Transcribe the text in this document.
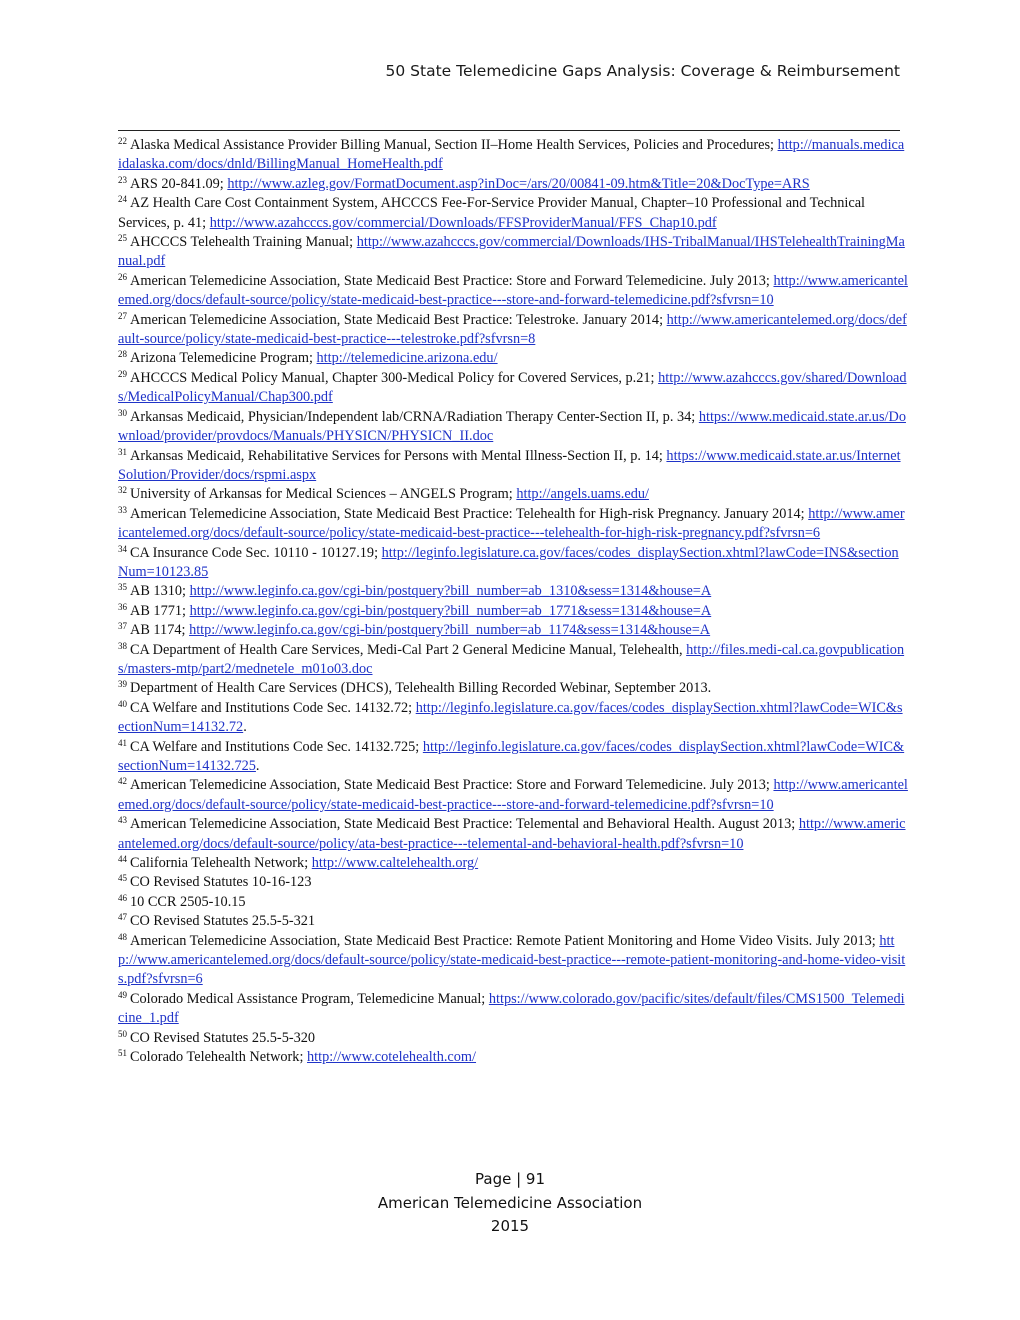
50 State Telemedicine Gaps Analysis: Coverage & Reimbursement

$^{22}$ Alaska Medical Assistance Provider Billing Manual, Section II–Home Health Services, Policies and Procedures; http://manuals.medicaidalaska.com/docs/dnld/BillingManual_HomeHealth.pdf

$^{23}$ ARS 20-841.09; http://www.azleg.gov/FormatDocument.asp?inDoc=/ars/20/00841-09.htm&Title=20&DocType=ARS

$^{24}$ AZ Health Care Cost Containment System, AHCCCS Fee-For-Service Provider Manual, Chapter–10 Professional and Technical Services, p. 41; http://www.azahcccs.gov/commercial/Downloads/FFSProviderManual/FFS_Chap10.pdf

$^{25}$ AHCCCS Telehealth Training Manual; http://www.azahcccs.gov/commercial/Downloads/IHS-TribalManual/IHSTelehealthTrainingManual.pdf

$^{26}$ American Telemedicine Association, State Medicaid Best Practice: Store and Forward Telemedicine. July 2013; http://www.americantelemed.org/docs/default-source/policy/state-medicaid-best-practice---store-and-forward-telemedicine.pdf?sfvrsn=10

$^{27}$ American Telemedicine Association, State Medicaid Best Practice: Telestroke. January 2014; http://www.americantelemed.org/docs/default-source/policy/state-medicaid-best-practice---telestroke.pdf?sfvrsn=8

$^{28}$ Arizona Telemedicine Program; http://telemedicine.arizona.edu/

$^{29}$ AHCCCS Medical Policy Manual, Chapter 300-Medical Policy for Covered Services, p.21; http://www.azahcccs.gov/shared/Downloads/MedicalPolicyManual/Chap300.pdf

$^{30}$ Arkansas Medicaid, Physician/Independent lab/CRNA/Radiation Therapy Center-Section II, p. 34; https://www.medicaid.state.ar.us/Download/provider/provdocs/Manuals/PHYSICN/PHYSICN_II.doc

$^{31}$ Arkansas Medicaid, Rehabilitative Services for Persons with Mental Illness-Section II, p. 14; https://www.medicaid.state.ar.us/InternetSolution/Provider/docs/rspmi.aspx

$^{32}$ University of Arkansas for Medical Sciences – ANGELS Program; http://angels.uams.edu/

$^{33}$ American Telemedicine Association, State Medicaid Best Practice: Telehealth for High-risk Pregnancy. January 2014; http://www.americantelemed.org/docs/default-source/policy/state-medicaid-best-practice---telehealth-for-high-risk-pregnancy.pdf?sfvrsn=6

$^{34}$ CA Insurance Code Sec. 10110 - 10127.19; http://leginfo.legislature.ca.gov/faces/codes_displaySection.xhtml?lawCode=INS&sectionNum=10123.85

$^{35}$ AB 1310; http://www.leginfo.ca.gov/cgi-bin/postquery?bill_number=ab_1310&sess=1314&house=A

$^{36}$ AB 1771; http://www.leginfo.ca.gov/cgi-bin/postquery?bill_number=ab_1771&sess=1314&house=A

$^{37}$ AB 1174; http://www.leginfo.ca.gov/cgi-bin/postquery?bill_number=ab_1174&sess=1314&house=A

$^{38}$ CA Department of Health Care Services, Medi-Cal Part 2 General Medicine Manual, Telehealth, http://files.medi-cal.ca.govpublications/masters-mtp/part2/mednetele_m01o03.doc

$^{39}$ Department of Health Care Services (DHCS), Telehealth Billing Recorded Webinar, September 2013.

$^{40}$ CA Welfare and Institutions Code Sec. 14132.72; http://leginfo.legislature.ca.gov/faces/codes_displaySection.xhtml?lawCode=WIC&sectionNum=14132.72.

$^{41}$ CA Welfare and Institutions Code Sec. 14132.725; http://leginfo.legislature.ca.gov/faces/codes_displaySection.xhtml?lawCode=WIC&sectionNum=14132.725.

$^{42}$ American Telemedicine Association, State Medicaid Best Practice: Store and Forward Telemedicine. July 2013; http://www.americantelemed.org/docs/default-source/policy/state-medicaid-best-practice---store-and-forward-telemedicine.pdf?sfvrsn=10

$^{43}$ American Telemedicine Association, State Medicaid Best Practice: Telemental and Behavioral Health. August 2013; http://www.americantelemed.org/docs/default-source/policy/ata-best-practice---telemental-and-behavioral-health.pdf?sfvrsn=10

$^{44}$ California Telehealth Network; http://www.caltelehealth.org/

$^{45}$ CO Revised Statutes 10-16-123

$^{46}$ 10 CCR 2505-10.15

$^{47}$ CO Revised Statutes 25.5-5-321

$^{48}$ American Telemedicine Association, State Medicaid Best Practice: Remote Patient Monitoring and Home Video Visits. July 2013; http://www.americantelemed.org/docs/default-source/policy/state-medicaid-best-practice---remote-patient-monitoring-and-home-video-visits.pdf?sfvrsn=6

$^{49}$ Colorado Medical Assistance Program, Telemedicine Manual; https://www.colorado.gov/pacific/sites/default/files/CMS1500_Telemedicine_1.pdf

$^{50}$ CO Revised Statutes 25.5-5-320

$^{51}$ Colorado Telehealth Network; http://www.cotelehealth.com/

Page | 91
American Telemedicine Association
2015
